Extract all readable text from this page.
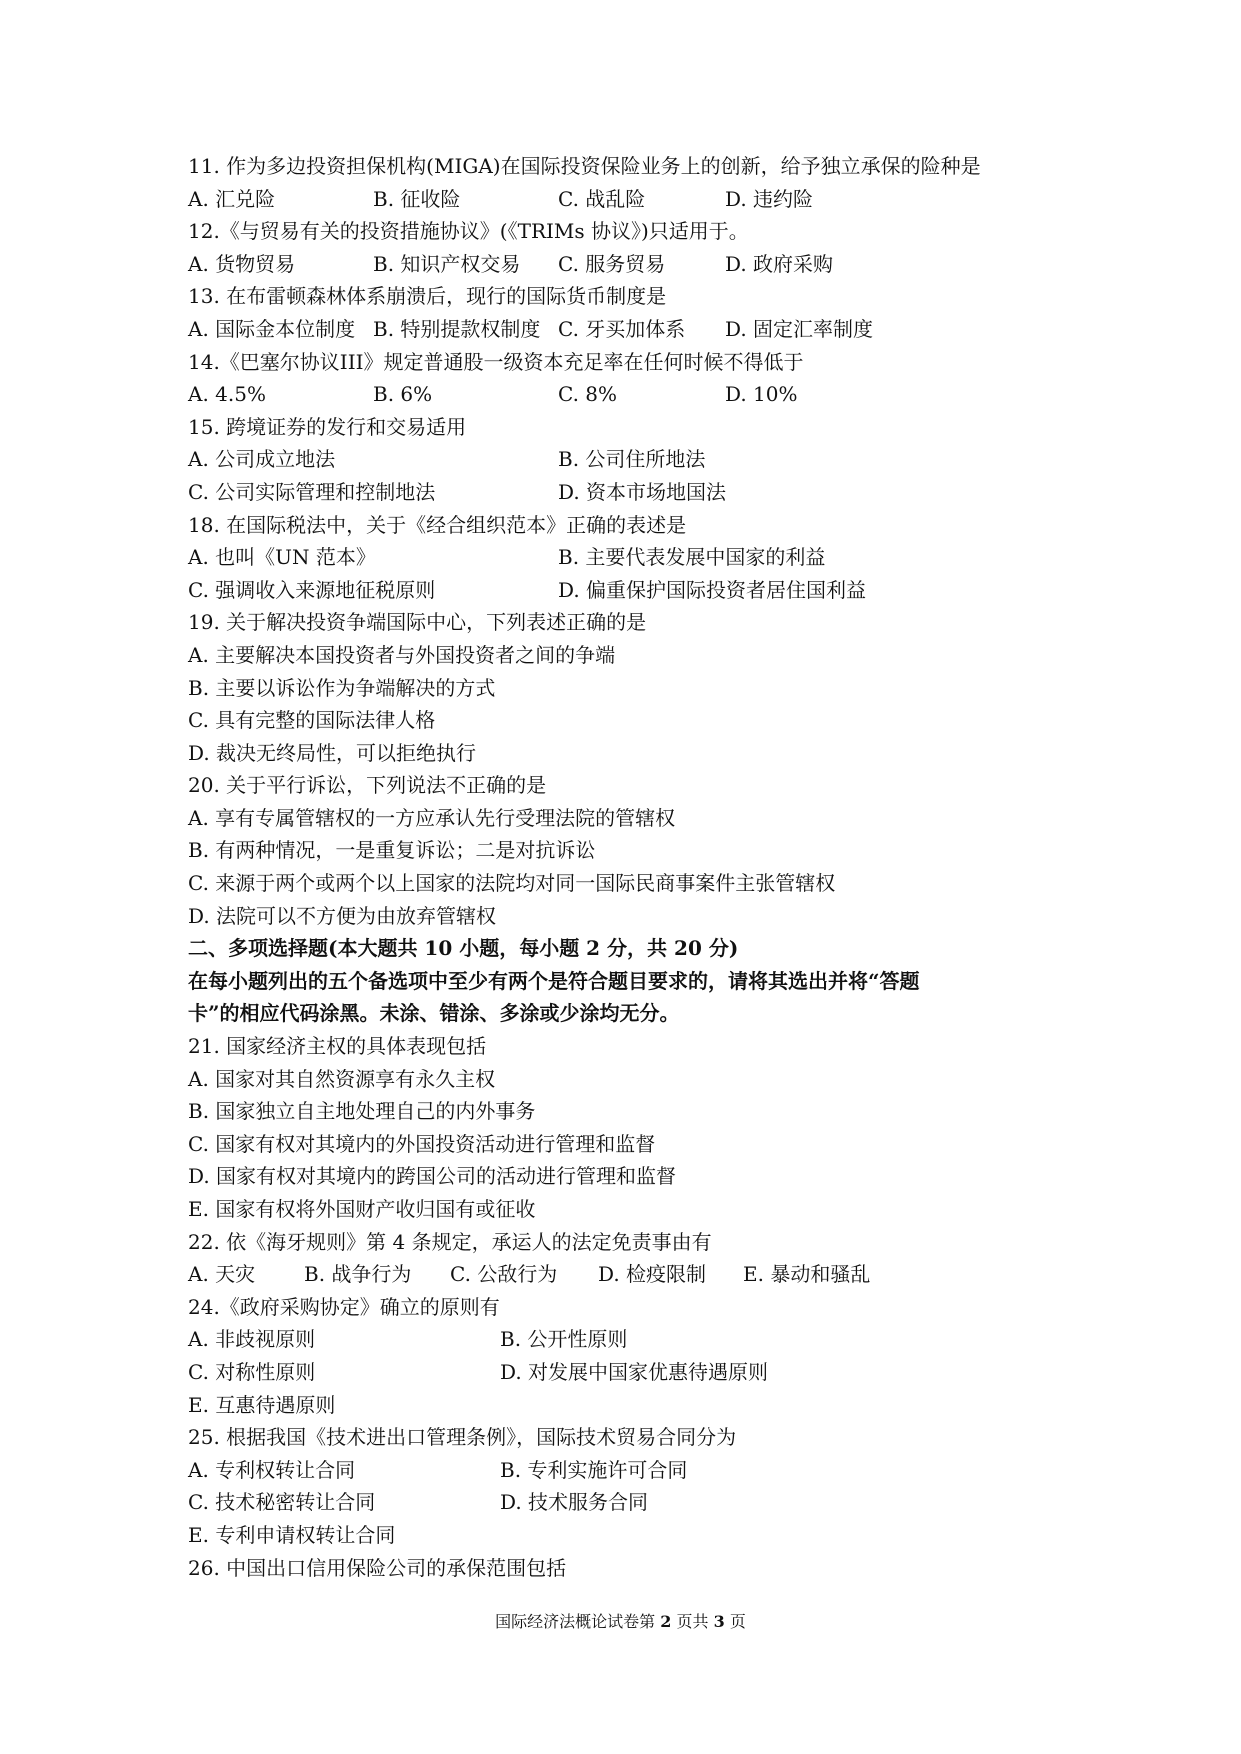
11. 作为多边投资担保机构(MIGA)在国际投资保险业务上的创新，给予独立承保的险种是
A. 汇兑险	B. 征收险	C. 战乱险	D. 违约险
12.《与贸易有关的投资措施协议》(《TRIMs 协议》)只适用于。
A. 货物贸易	B. 知识产权交易 C. 服务贸易	D. 政府采购
13. 在布雷顿森林体系崩溃后，现行的国际货币制度是
A. 国际金本位制度 B. 特别提款权制度 C. 牙买加体系 D. 固定汇率制度
14.《巴塞尔协议III》规定普通股一级资本充足率在任何时候不得低于
A. 4.5%	B. 6%	C. 8%	D. 10%
15. 跨境证券的发行和交易适用
A. 公司成立地法	B. 公司住所地法
C. 公司实际管理和控制地法	D. 资本市场地国法
18. 在国际税法中，关于《经合组织范本》正确的表述是
A. 也叫《UN 范本》	B. 主要代表发展中国家的利益
C. 强调收入来源地征税原则	D. 偏重保护国际投资者居住国利益
19. 关于解决投资争端国际中心，下列表述正确的是
A. 主要解决本国投资者与外国投资者之间的争端
B. 主要以诉讼作为争端解决的方式
C. 具有完整的国际法律人格
D. 裁决无终局性，可以拒绝执行
20. 关于平行诉讼，下列说法不正确的是
A. 享有专属管辖权的一方应承认先行受理法院的管辖权
B. 有两种情况，一是重复诉讼；二是对抗诉讼
C. 来源于两个或两个以上国家的法院均对同一国际民商事案件主张管辖权
D. 法院可以不方便为由放弃管辖权
二、多项选择题(本大题共 10 小题，每小题 2 分，共 20 分)
在每小题列出的五个备选项中至少有两个是符合题目要求的，请将其选出并将“答题
卡”的相应代码涂黑。未涂、错涂、多涂或少涂均无分。
21. 国家经济主权的具体表现包括
A. 国家对其自然资源享有永久主权
B. 国家独立自主地处理自己的内外事务
C. 国家有权对其境内的外国投资活动进行管理和监督
D. 国家有权对其境内的跨国公司的活动进行管理和监督
E. 国家有权将外国财产收归国有或征收
22. 依《海牙规则》第 4 条规定，承运人的法定免责事由有
A. 天灾 B. 战争行为 C. 公敌行为 D. 检疫限制 E. 暴动和骚乱
24.《政府采购协定》确立的原则有
A. 非歧视原则	B. 公开性原则
C. 对称性原则	D. 对发展中国家优惠待遇原则
E. 互惠待遇原则
25. 根据我国《技术进出口管理条例》，国际技术贸易合同分为
A. 专利权转让合同	B. 专利实施许可合同
C. 技术秘密转让合同	D. 技术服务合同
E. 专利申请权转让合同
26. 中国出口信用保险公司的承保范围包括
国际经济法概论试卷第 2 页共 3 页
